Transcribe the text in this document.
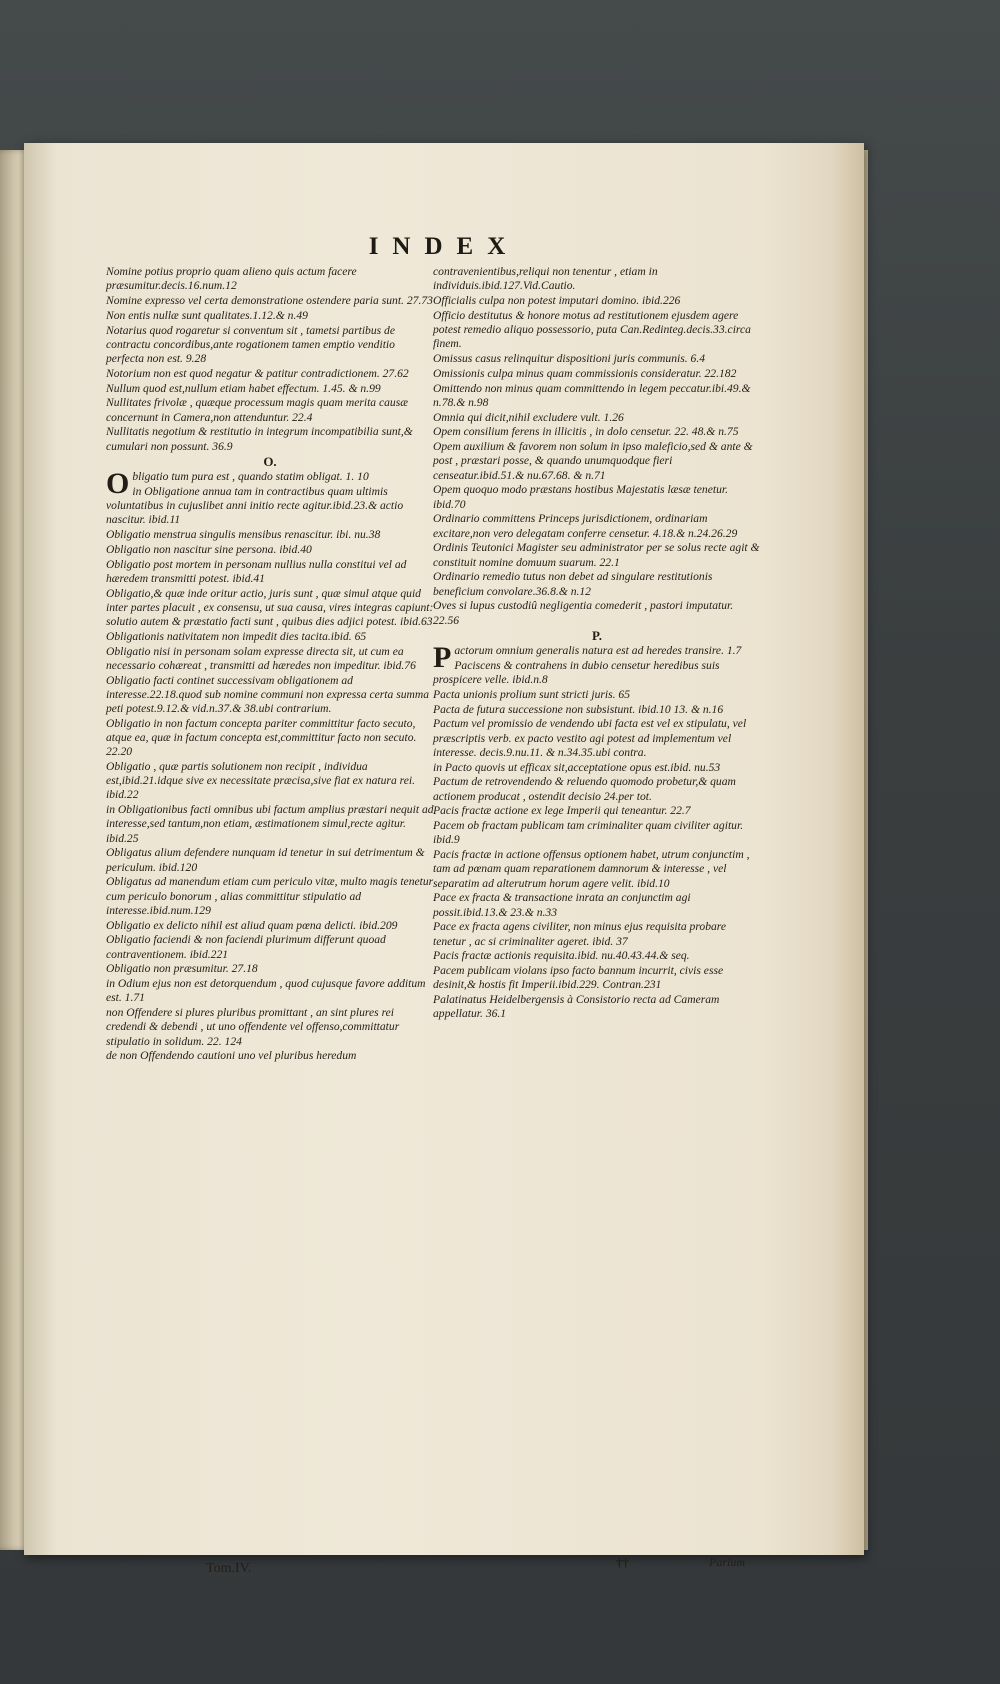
INDEX
Nomine potius proprio quam alieno quis actum facere præsumitur.decis.16.num.12
Nomine expresso vel certa demonstratione ostendere paria sunt. 27.73
Non entis nullæ sunt qualitates.1.12.& n.49
Notarius quod rogaretur si conventum sit , tametsi partibus de contractu concordibus,ante rogationem tamen emptio venditio perfecta non est. 9.28
Notorium non est quod negatur & patitur contradictionem. 27.62
Nullum quod est,nullum etiam habet effectum. 1.45. & n.99
Nullitates frivolæ , quæque processum magis quam merita causæ concernunt in Camera,non attenduntur. 22.4
Nullitatis negotium & restitutio in integrum incompatibilia sunt,& cumulari non possunt. 36.9
O.
Obligatio tum pura est , quando statim obligat. 1. 10
in Obligatione annua tam in contractibus quam ultimis voluntatibus in cujuslibet anni initio recte agitur.ibid.23.& actio nascitur. ibid.11
Obligatio menstrua singulis mensibus renascitur. ibi. nu.38
Obligatio non nascitur sine persona. ibid.40
Obligatio post mortem in personam nullius nulla constitui vel ad hæredem transmitti potest. ibid.41
Obligatio,& quæ inde oritur actio, juris sunt , quæ simul atque quid inter partes placuit , ex consensu, ut sua causa, vires integras capiunt: solutio autem & præstatio facti sunt , quibus dies adjici potest. ibid.63
Obligationis nativitatem non impedit dies tacita.ibid. 65
Obligatio nisi in personam solam expresse directa sit, ut cum ea necessario cohæreat , transmitti ad hæredes non impeditur. ibid.76
Obligatio facti continet successivam obligationem ad interesse.22.18.quod sub nomine communi non expressa certa summa peti potest.9.12.& vid.n.37.& 38.ubi contrarium.
Obligatio in non factum concepta pariter committitur facto secuto, atque ea, quæ in factum concepta est,committitur facto non secuto. 22.20
Obligatio , quæ partis solutionem non recipit , individua est,ibid.21.idque sive ex necessitate præcisa,sive fiat ex natura rei. ibid.22
in Obligationibus facti omnibus ubi factum amplius præstari nequit ad interesse,sed tantum,non etiam, æstimationem simul,recte agitur. ibid.25
Obligatus alium defendere nunquam id tenetur in sui detrimentum & periculum. ibid.120
Obligatus ad manendum etiam cum periculo vitæ, multo magis tenetur cum periculo bonorum , alias committitur stipulatio ad interesse.ibid.num.129
Obligatio ex delicto nihil est aliud quam pœna delicti. ibid.209
Obligatio faciendi & non faciendi plurimum differunt quoad contraventionem. ibid.221
Obligatio non præsumitur. 27.18
in Odium ejus non est detorquendum , quod cujusque favore additum est. 1.71
non Offendere si plures pluribus promittant , an sint plures rei credendi & debendi , ut uno offendente vel offenso,committatur stipulatio in solidum. 22. 124
de non Offendendo cautioni uno vel pluribus heredum
contravenientibus,reliqui non tenentur , etiam in individuis.ibid.127.Vid.Cautio.
Officialis culpa non potest imputari domino. ibid.226
Officio destitutus & honore motus ad restitutionem ejusdem agere potest remedio aliquo possessorio, puta Can.Redinteg.decis.33.circa finem.
Omissus casus relinquitur dispositioni juris communis. 6.4
Omissionis culpa minus quam commissionis consideratur. 22.182
Omittendo non minus quam committendo in legem peccatur.ibi.49.& n.78.& n.98
Omnia qui dicit,nihil excludere vult. 1.26
Opem consilium ferens in illicitis , in dolo censetur. 22. 48.& n.75
Opem auxilium & favorem non solum in ipso maleficio,sed & ante & post , præstari posse, & quando unumquodque fieri censeatur.ibid.51.& nu.67.68. & n.71
Opem quoquo modo præstans hostibus Majestatis læsæ tenetur. ibid.70
Ordinario committens Princeps jurisdictionem, ordinariam excitare,non vero delegatam conferre censetur. 4.18.& n.24.26.29
Ordinis Teutonici Magister seu administrator per se solus recte agit & constituit nomine domuum suarum. 22.1
Ordinario remedio tutus non debet ad singulare restitutionis beneficium convolare.36.8.& n.12
Oves si lupus custodiû negligentia comederit , pastori imputatur. 22.56
P.
Pactorum omnium generalis natura est ad heredes transire. 1.7
Paciscens & contrahens in dubio censetur heredibus suis prospicere velle. ibid.n.8
Pacta unionis prolium sunt stricti juris. 65
Pacta de futura successione non subsistunt. ibid.10 13. & n.16
Pactum vel promissio de vendendo ubi facta est vel ex stipulatu, vel præscriptis verb. ex pacto vestito agi potest ad implementum vel interesse. decis.9.nu.11. & n.34.35.ubi contra.
in Pacto quovis ut efficax sit,acceptatione opus est.ibid. nu.53
Pactum de retrovendendo & reluendo quomodo probetur,& quam actionem producat , ostendit decisio 24.per tot.
Pacis fractæ actione ex lege Imperii qui teneantur. 22.7
Pacem ob fractam publicam tam criminaliter quam civiliter agitur. ibid.9
Pacis fractæ in actione offensus optionem habet, utrum conjunctim , tam ad pœnam quam reparationem damnorum & interesse , vel separatim ad alterutrum horum agere velit. ibid.10
Pace ex fracta & transactione inrata an conjunctim agi possit.ibid.13.& 23.& n.33
Pace ex fracta agens civiliter, non minus ejus requisita probare tenetur , ac si criminaliter ageret. ibid. 37
Pacis fractæ actionis requisita.ibid. nu.40.43.44.& seq.
Pacem publicam violans ipso facto bannum incurrit, civis esse desinit,& hostis fit Imperii.ibid.229. Contran.231
Palatinatus Heidelbergensis à Consistorio recta ad Cameram appellatur. 36.1
Tom.IV.	††	Parium
